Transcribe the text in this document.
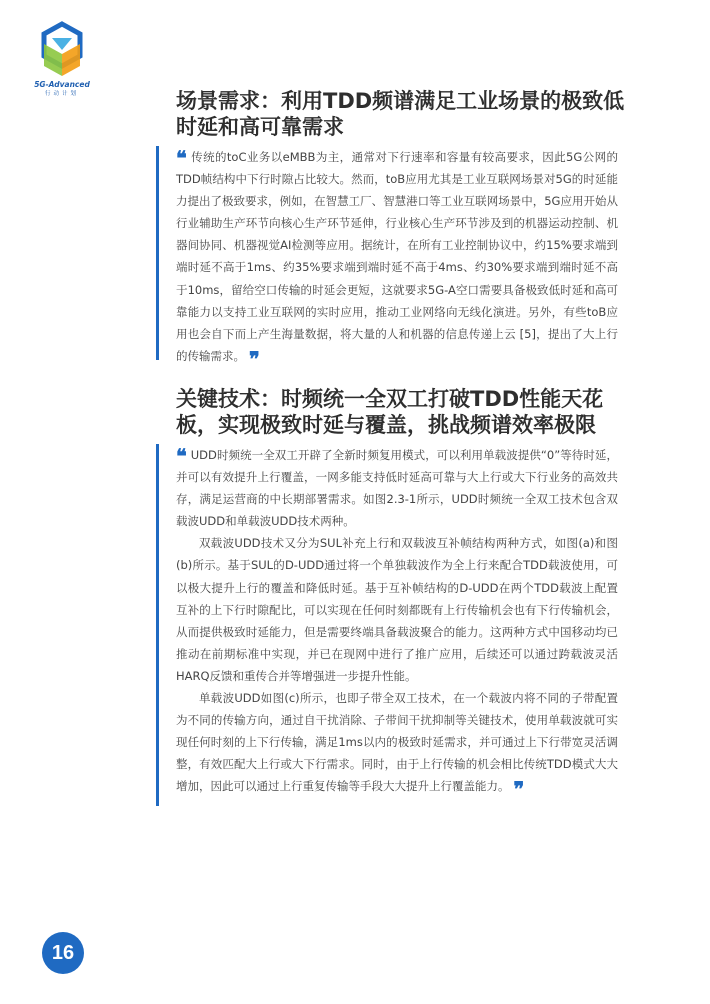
5G-Advanced
行动计划	场景需求：利用TDD频谱满足工业场景的极致低时延和高可靠需求

❝ 传统的toC业务以eMBB为主，通常对下行速率和容量有较高要求，因此5G公网的TDD帧结构中下行时隙占比较大。然而，toB应用尤其是工业互联网场景对5G的时延能力提出了极致要求，例如，在智慧工厂、智慧港口等工业互联网场景中，5G应用开始从行业辅助生产环节向核心生产环节延伸，行业核心生产环节涉及到的机器运动控制、机器间协同、机器视觉AI检测等应用。据统计，在所有工业控制协议中，约15%要求端到端时延不高于1ms、约35%要求端到端时延不高于4ms、约30%要求端到端时延不高于10ms，留给空口传输的时延会更短，这就要求5G-A空口需要具备极致低时延和高可靠能力以支持工业互联网的实时应用，推动工业网络向无线化演进。另外，有些toB应用也会自下而上产生海量数据，将大量的人和机器的信息传递上云 [5]，提出了大上行的传输需求。 ❞

关键技术：时频统一全双工打破TDD性能天花板，实现极致时延与覆盖，挑战频谱效率极限

❝ UDD时频统一全双工开辟了全新时频复用模式，可以利用单载波提供“0”等待时延，并可以有效提升上行覆盖，一网多能支持低时延高可靠与大上行或大下行业务的高效共存，满足运营商的中长期部署需求。如图2.3-1所示，UDD时频统一全双工技术包含双载波UDD和单载波UDD技术两种。

双载波UDD技术又分为SUL补充上行和双载波互补帧结构两种方式，如图(a)和图(b)所示。基于SUL的D-UDD通过将一个单独载波作为全上行来配合TDD载波使用，可以极大提升上行的覆盖和降低时延。基于互补帧结构的D-UDD在两个TDD载波上配置互补的上下行时隙配比，可以实现在任何时刻都既有上行传输机会也有下行传输机会，从而提供极致时延能力，但是需要终端具备载波聚合的能力。这两种方式中国移动均已推动在前期标准中实现，并已在现网中进行了推广应用，后续还可以通过跨载波灵活HARQ反馈和重传合并等增强进一步提升性能。

单载波UDD如图(c)所示，也即子带全双工技术，在一个载波内将不同的子带配置为不同的传输方向，通过自干扰消除、子带间干扰抑制等关键技术，使用单载波就可实现任何时刻的上下行传输，满足1ms以内的极致时延需求，并可通过上下行带宽灵活调整，有效匹配大上行或大下行需求。同时，由于上行传输的机会相比传统TDD模式大大增加，因此可以通过上行重复传输等手段大大提升上行覆盖能力。 ❞

16
